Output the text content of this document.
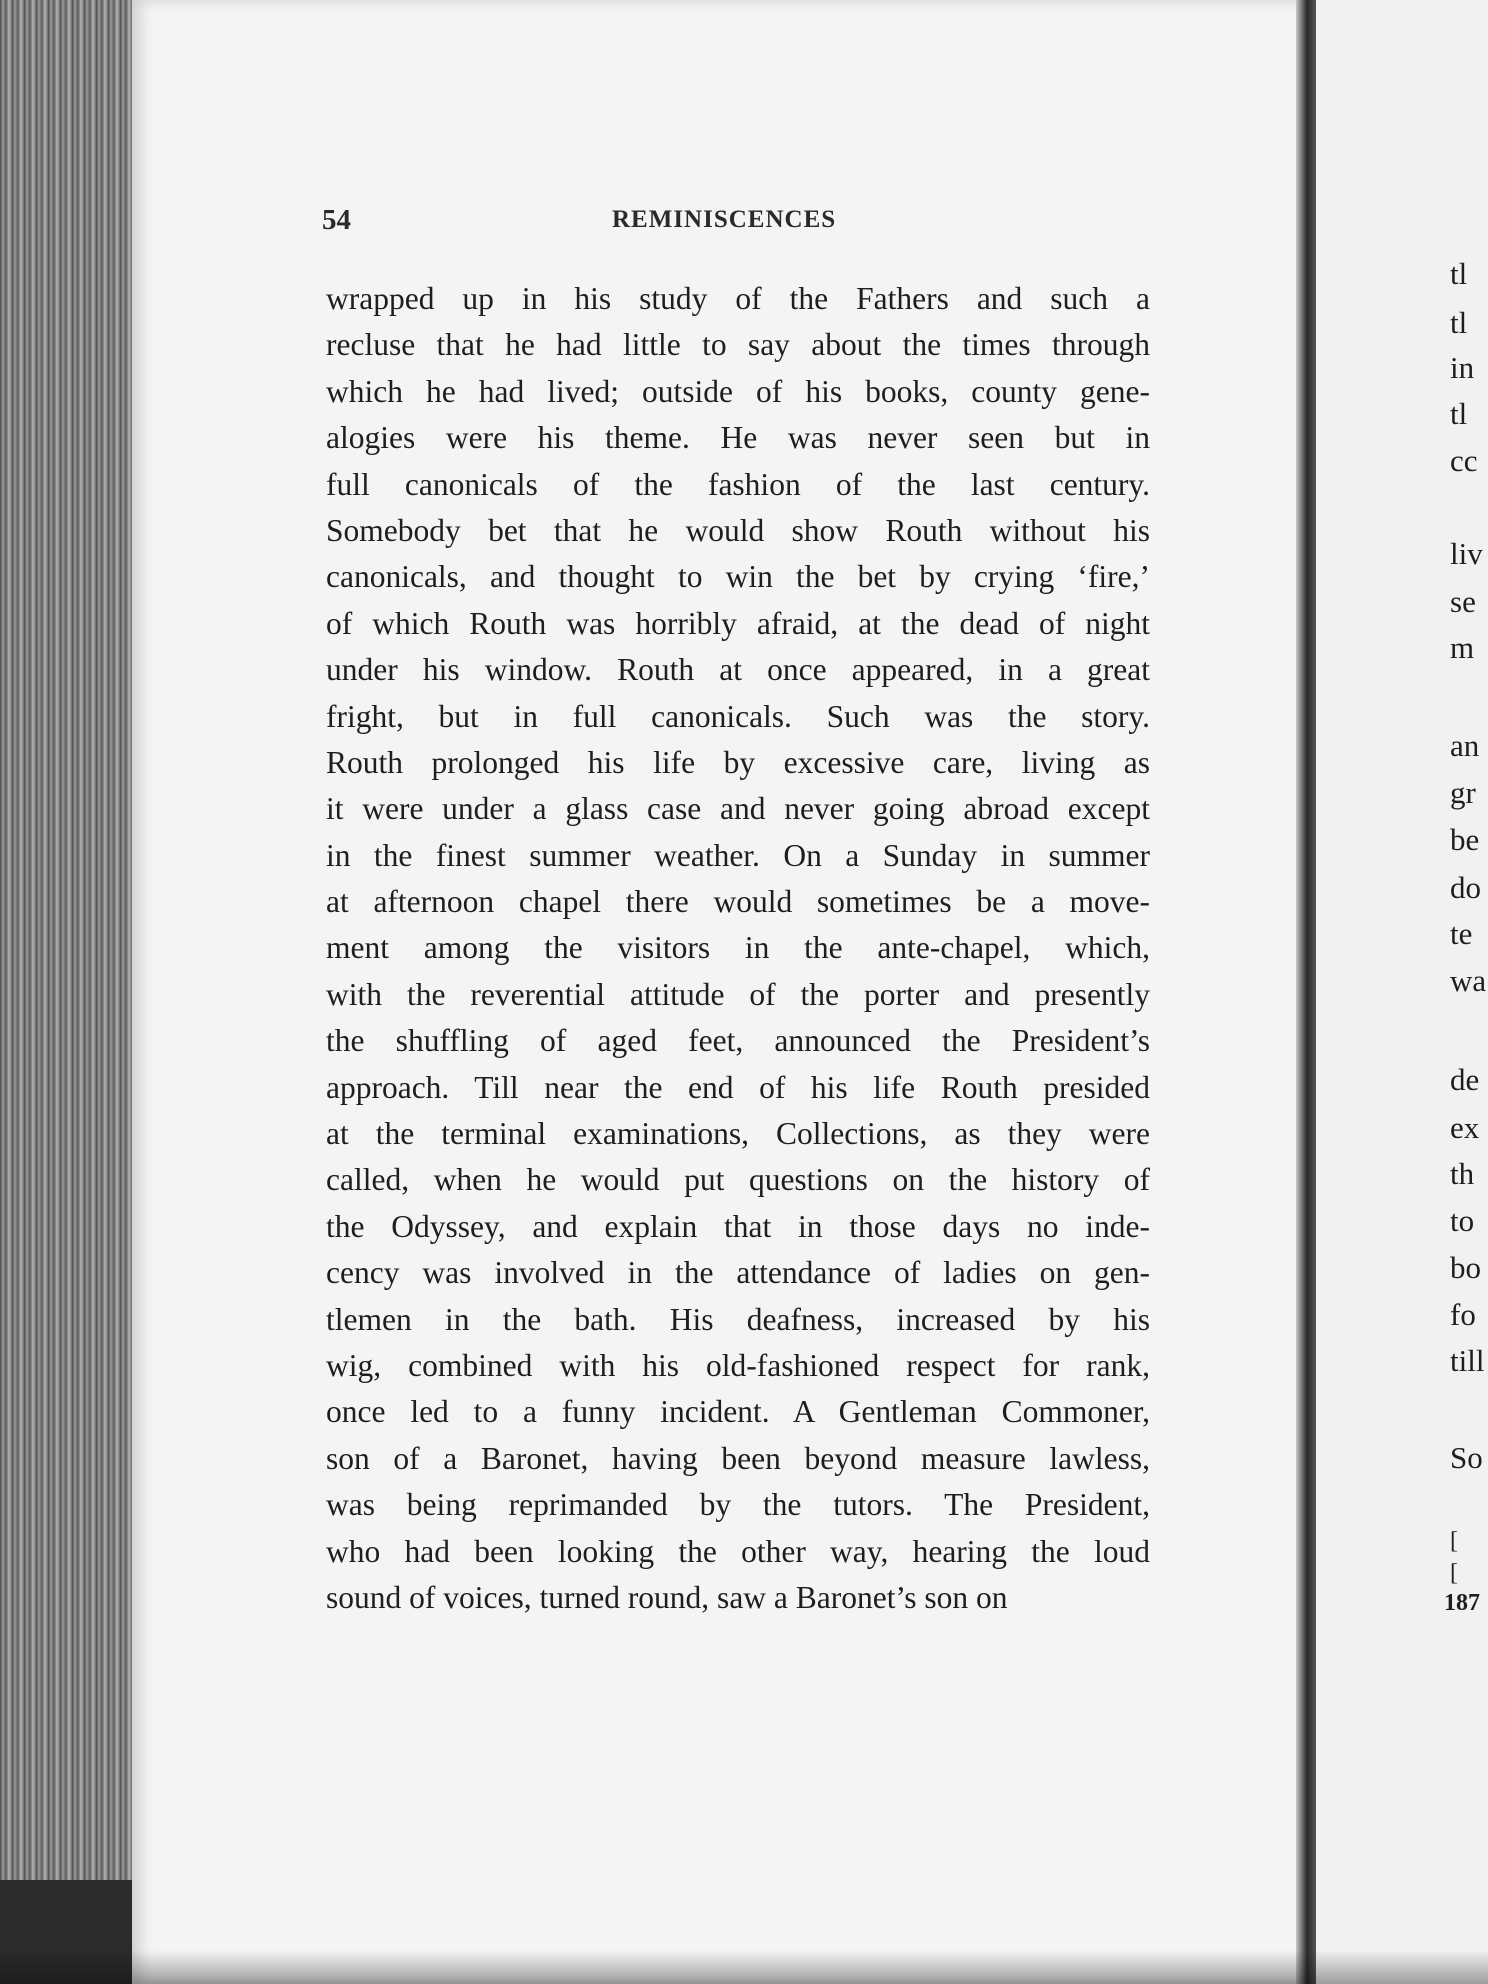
54	REMINISCENCES
wrapped up in his study of the Fathers and such a
recluse that he had little to say about the times through
which he had lived; outside of his books, county gene-
alogies were his theme. He was never seen but in
full canonicals of the fashion of the last century.
Somebody bet that he would show Routh without his
canonicals, and thought to win the bet by crying ‘fire,’
of which Routh was horribly afraid, at the dead of night
under his window. Routh at once appeared, in a great
fright, but in full canonicals. Such was the story.
Routh prolonged his life by excessive care, living as
it were under a glass case and never going abroad except
in the finest summer weather. On a Sunday in summer
at afternoon chapel there would sometimes be a move-
ment among the visitors in the ante-chapel, which,
with the reverential attitude of the porter and presently
the shuffling of aged feet, announced the President’s
approach. Till near the end of his life Routh presided
at the terminal examinations, Collections, as they were
called, when he would put questions on the history of
the Odyssey, and explain that in those days no inde-
cency was involved in the attendance of ladies on gen-
tlemen in the bath. His deafness, increased by his
wig, combined with his old-fashioned respect for rank,
once led to a funny incident. A Gentleman Commoner,
son of a Baronet, having been beyond measure lawless,
was being reprimanded by the tutors. The President,
who had been looking the other way, hearing the loud
sound of voices, turned round, saw a Baronet’s son on
tl
tl
in
tl
cc
liv
se
m
an
gr
be
do
te
wa
de
ex
th
to
bo
fo
till
So
[
[
187
